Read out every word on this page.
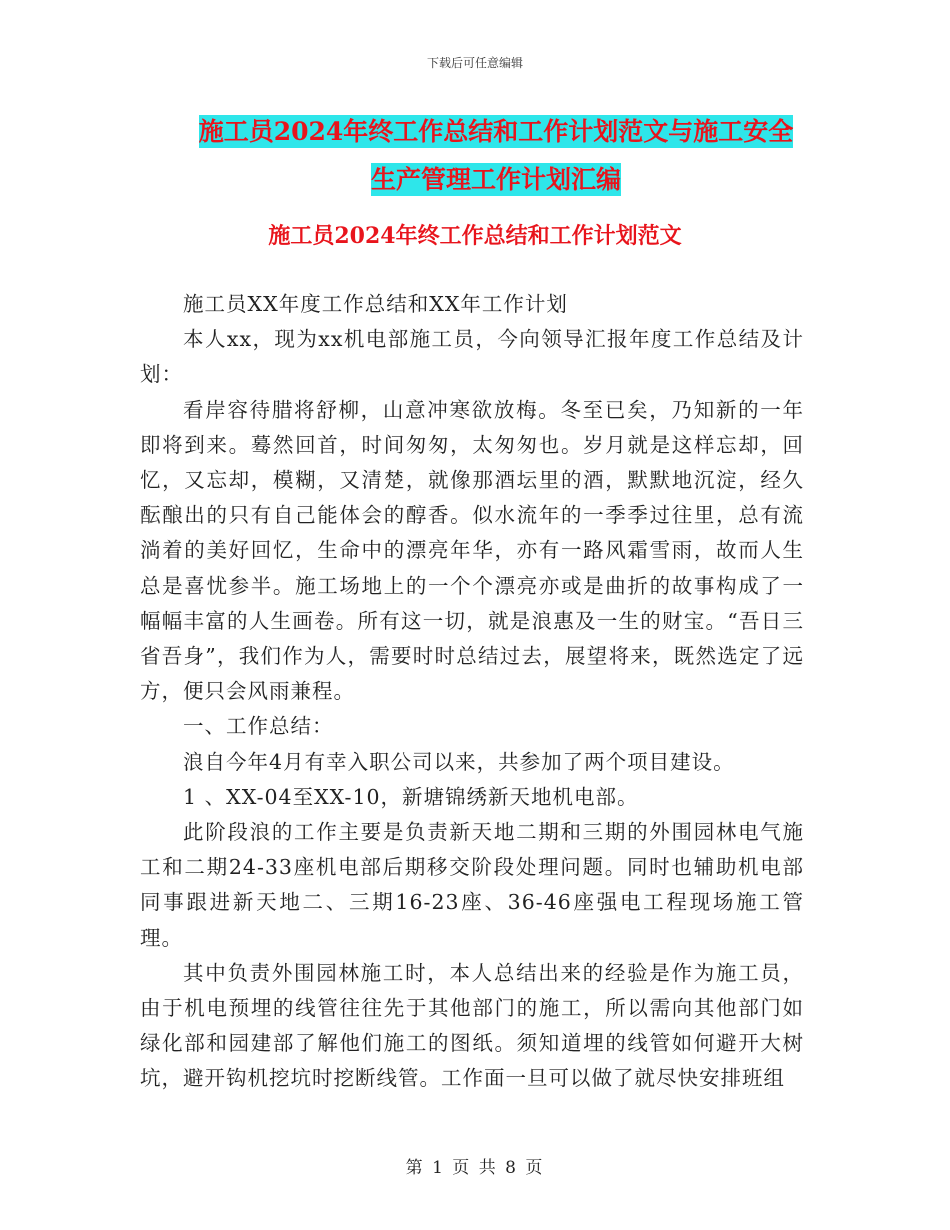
下载后可任意编辑
施工员2024年终工作总结和工作计划范文与施工安全
生产管理工作计划汇编
施工员2024年终工作总结和工作计划范文

施工员XX年度工作总结和XX年工作计划

本人xx，现为xx机电部施工员，今向领导汇报年度工作总结及计划：

看岸容待腊将舒柳，山意冲寒欲放梅。冬至已矣，乃知新的一年即将到来。蓦然回首，时间匆匆，太匆匆也。岁月就是这样忘却，回忆，又忘却，模糊，又清楚，就像那酒坛里的酒，默默地沉淀，经久酝酿出的只有自己能体会的醇香。似水流年的一季季过往里，总有流淌着的美好回忆，生命中的漂亮年华，亦有一路风霜雪雨，故而人生总是喜忧参半。施工场地上的一个个漂亮亦或是曲折的故事构成了一幅幅丰富的人生画卷。所有这一切，就是浪惠及一生的财宝。“吾日三省吾身”，我们作为人，需要时时总结过去，展望将来，既然选定了远方，便只会风雨兼程。

一、工作总结：

浪自今年4月有幸入职公司以来，共参加了两个项目建设。

1 、XX-04至XX-10，新塘锦绣新天地机电部。

此阶段浪的工作主要是负责新天地二期和三期的外围园林电气施工和二期24-33座机电部后期移交阶段处理问题。同时也辅助机电部同事跟进新天地二、三期16-23座、36-46座强电工程现场施工管理。

其中负责外围园林施工时，本人总结出来的经验是作为施工员，由于机电预埋的线管往往先于其他部门的施工，所以需向其他部门如绿化部和园建部了解他们施工的图纸。须知道埋的线管如何避开大树坑，避开钩机挖坑时挖断线管。工作面一旦可以做了就尽快安排班组

第 1 页 共 8 页
